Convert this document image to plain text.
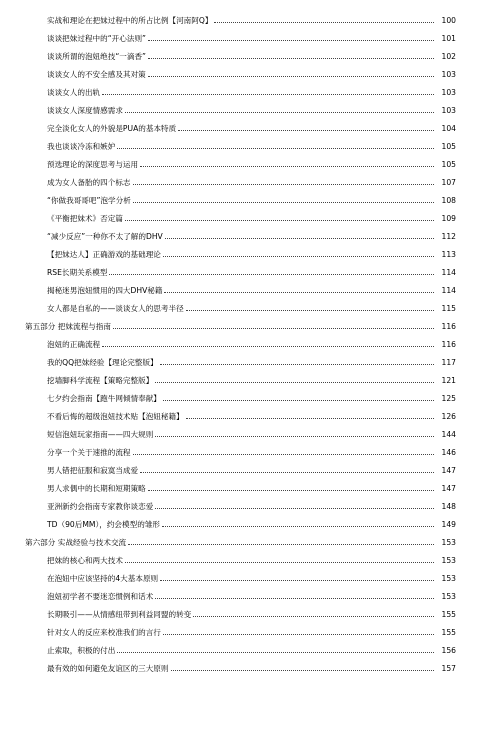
实战和理论在把妹过程中的所占比例【河南阿Q】	100
谈谈把妹过程中的“开心法则”	101
谈谈所谓的泡妞绝技“一滴香”	102
谈谈女人的不安全感及其对策	103
谈谈女人的出轨	103
谈谈女人深度情感需求	103
完全淡化女人的外貌是PUA的基本特质	104
我也谈谈冷冻和嫉妒	105
预选理论的深度思考与运用	105
成为女人备胎的四个标志	107
“你做我哥哥吧”泡学分析	108
《平衡把妹术》否定篇	109
“减少反应”一种你不太了解的DHV	112
【把妹达人】正确游戏的基础理论	113
RSE长期关系模型	114
揭秘迷男泡妞惯用的四大DHV秘籍	114
女人都是自私的——谈谈女人的思考半径	115
第五部分 把妹流程与指南	116
泡妞的正确流程	116
我的QQ把妹经验【理论完整版】	117
挖墙脚科学流程【策略完整版】	121
七夕约会指南【跑牛网倾情奉献】	125
不看后悔的超级泡妞技术贴【泡妞秘籍】	126
短信泡妞玩家指南——四大规则	144
分享一个关于速推的流程	146
男人错把征服和寂寞当成爱	147
男人求偶中的长期和短期策略	147
亚洲新约会指南专家教你谈恋爱	148
TD（90后MM），约会模型的雏形	149
第六部分 实战经验与技术交流	153
把妹的核心和两大技术	153
在泡妞中应该坚持的4大基本原则	153
泡妞初学者不要迷恋惯例和话术	153
长期吸引——从情感纽带到利益同盟的转变	155
针对女人的反应来校准我们的言行	155
止索取，积极的付出	156
最有效的如何避免友谊区的三大原则	157
